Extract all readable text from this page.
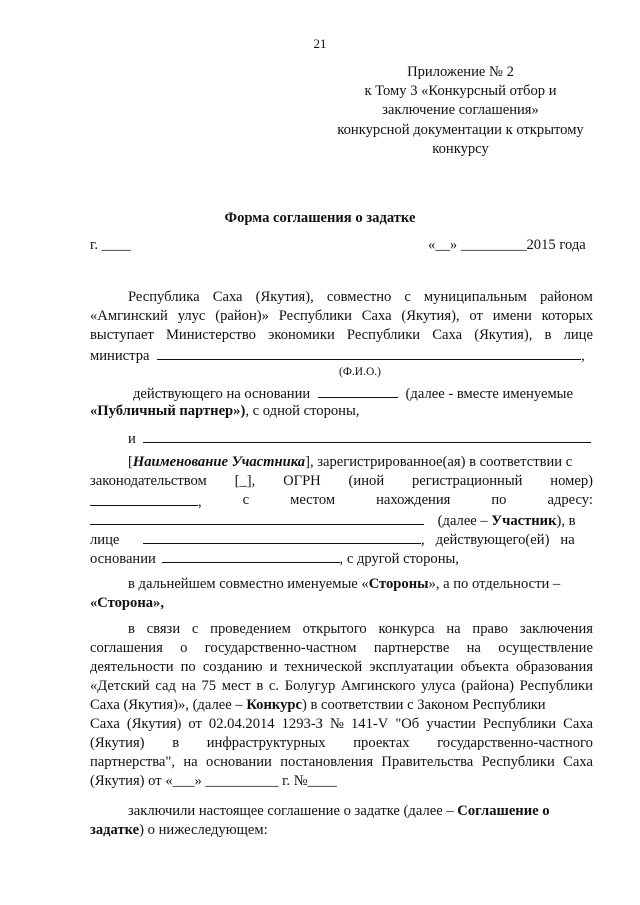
21
Приложение № 2
к Тому 3 «Конкурсный отбор и
заключение соглашения»
конкурсной документации к открытому
конкурсу
Форма соглашения о задатке
г. ____	«__» _________2015 года
Республика Саха (Якутия), совместно с муниципальным районом
«Амгинский улус (район)» Республики Саха (Якутия), от имени которых
выступает Министерство экономики Республики Саха (Якутия), в лице
министра	,
(Ф.И.О.)
действующего на основании	(далее - вместе именуемые
«Публичный партнер»), с одной стороны,
и
[Наименование Участника], зарегистрированное(ая) в соответствии с
законодательством [_], ОГРН (иной регистрационный номер)
,	с	местом	нахождения	по	адресу:
(далее – Участник), в
лице	,   действующего(ей)   на
основании	, с другой стороны,
в дальнейшем совместно именуемые «Стороны», а по отдельности –
«Сторона»,
в связи с проведением открытого конкурса на право заключения
соглашения о государственно-частном партнерстве на осуществление
деятельности по созданию и технической эксплуатации объекта образования
«Детский сад на 75 мест в с. Болугур Амгинского улуса (района) Республики
Саха (Якутия)», (далее – Конкурс) в соответствии с Законом Республики
Саха (Якутия) от 02.04.2014 1293-З № 141-V "Об участии Республики Саха
(Якутия) в инфраструктурных проектах государственно-частного
партнерства", на основании постановления Правительства Республики Саха
(Якутия) от «___» __________ г. №____
заключили настоящее соглашение о задатке (далее – Соглашение о
задатке) о нижеследующем:
